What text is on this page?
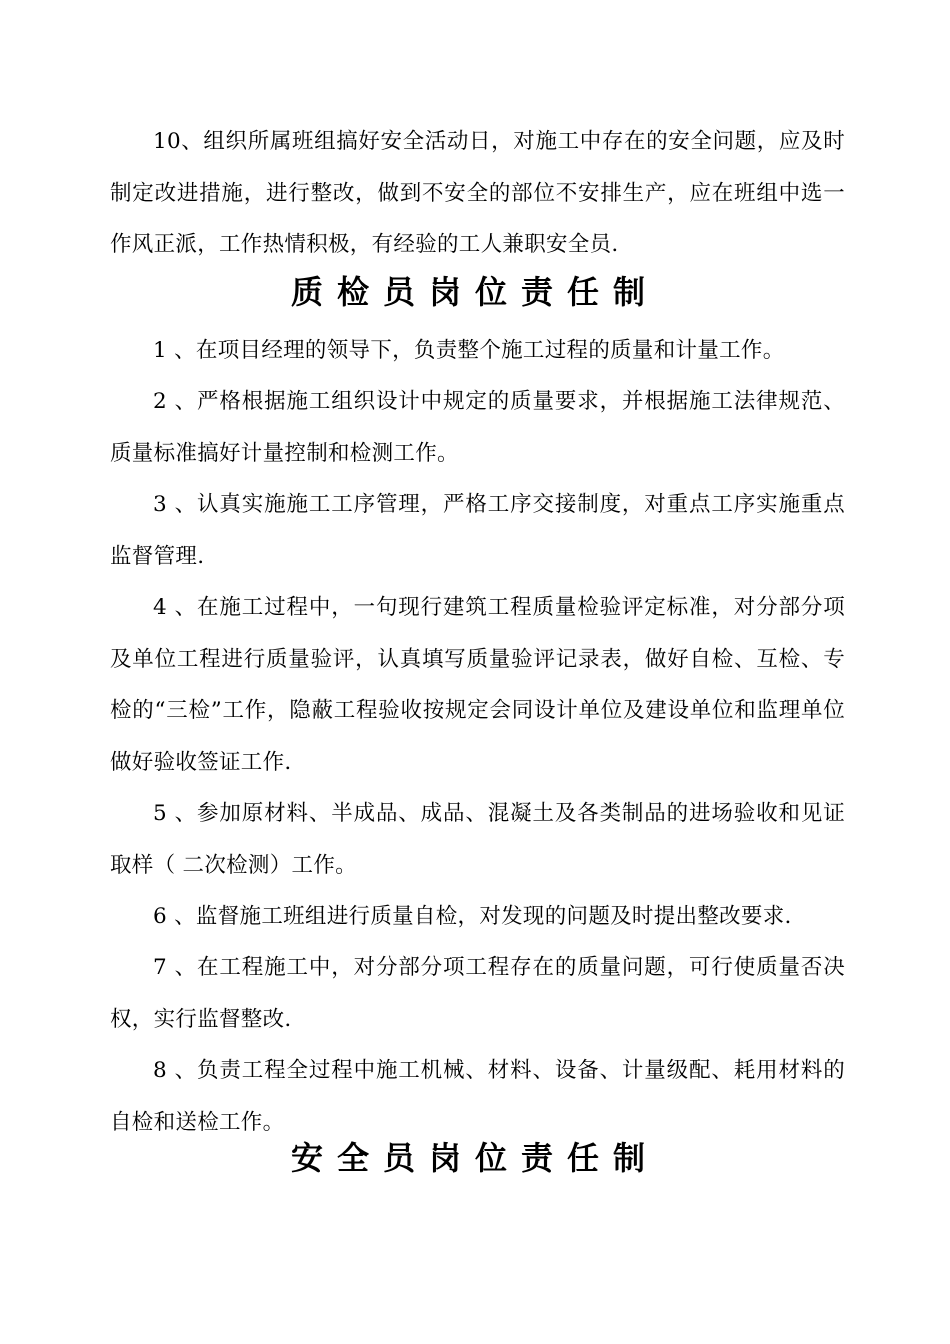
10、组织所属班组搞好安全活动日，对施工中存在的安全问题，应及时制定改进措施，进行整改，做到不安全的部位不安排生产，应在班组中选一作风正派，工作热情积极，有经验的工人兼职安全员.

质检员岗位责任制

1 、在项目经理的领导下，负责整个施工过程的质量和计量工作。

2 、严格根据施工组织设计中规定的质量要求，并根据施工法律规范、质量标准搞好计量控制和检测工作。

3 、认真实施施工工序管理，严格工序交接制度，对重点工序实施重点监督管理.

4 、在施工过程中，一句现行建筑工程质量检验评定标准，对分部分项及单位工程进行质量验评，认真填写质量验评记录表，做好自检、互检、专检的“三检”工作，隐蔽工程验收按规定会同设计单位及建设单位和监理单位做好验收签证工作.

5 、参加原材料、半成品、成品、混凝土及各类制品的进场验收和见证取样（ 二次检测）工作。

6 、监督施工班组进行质量自检，对发现的问题及时提出整改要求.

7 、在工程施工中，对分部分项工程存在的质量问题，可行使质量否决权，实行监督整改.

8 、负责工程全过程中施工机械、材料、设备、计量级配、耗用材料的自检和送检工作。

安全员岗位责任制
